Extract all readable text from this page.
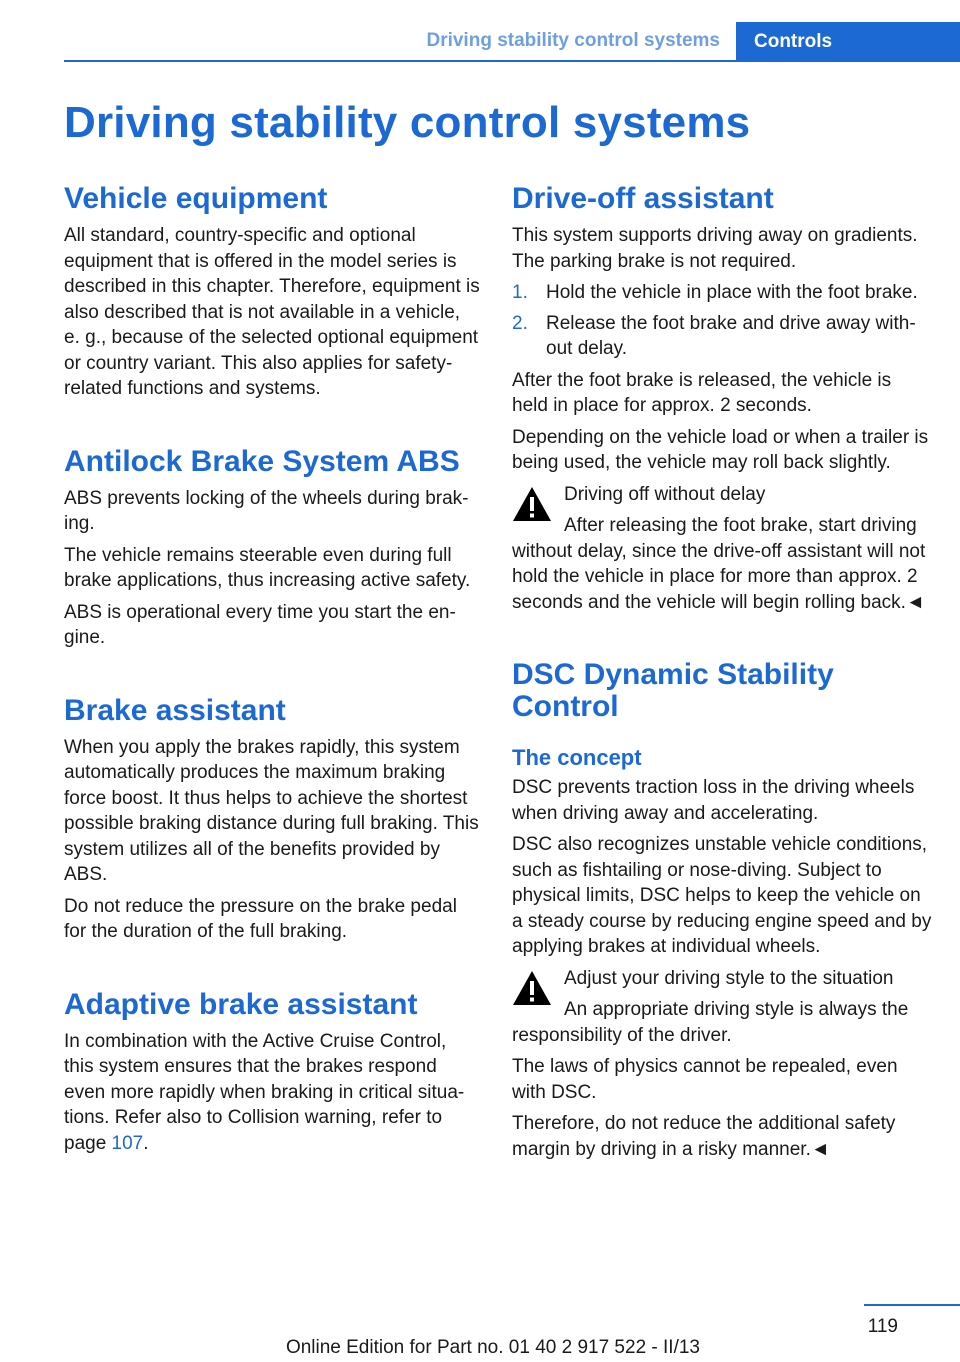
Driving stability control systems	Controls
Driving stability control systems
Vehicle equipment

All standard, country-specific and optional equipment that is offered in the model series is described in this chapter. Therefore, equipment is also described that is not available in a vehicle, e. g., because of the selected optional equipment or country variant. This also applies for safety-related functions and systems.

Antilock Brake System ABS

ABS prevents locking of the wheels during braking.

The vehicle remains steerable even during full brake applications, thus increasing active safety.

ABS is operational every time you start the engine.

Brake assistant

When you apply the brakes rapidly, this system automatically produces the maximum braking force boost. It thus helps to achieve the shortest possible braking distance during full braking. This system utilizes all of the benefits provided by ABS.

Do not reduce the pressure on the brake pedal for the duration of the full braking.

Adaptive brake assistant

In combination with the Active Cruise Control, this system ensures that the brakes respond even more rapidly when braking in critical situations. Refer also to Collision warning, refer to page 107.

Drive-off assistant

This system supports driving away on gradients. The parking brake is not required.

1. Hold the vehicle in place with the foot brake.
2. Release the foot brake and drive away without delay.

After the foot brake is released, the vehicle is held in place for approx. 2 seconds.

Depending on the vehicle load or when a trailer is being used, the vehicle may roll back slightly.

Driving off without delay

After releasing the foot brake, start driving without delay, since the drive-off assistant will not hold the vehicle in place for more than approx. 2 seconds and the vehicle will begin rolling back.◄

DSC Dynamic Stability Control
The concept

DSC prevents traction loss in the driving wheels when driving away and accelerating.

DSC also recognizes unstable vehicle conditions, such as fishtailing or nose-diving. Subject to physical limits, DSC helps to keep the vehicle on a steady course by reducing engine speed and by applying brakes at individual wheels.

Adjust your driving style to the situation

An appropriate driving style is always the responsibility of the driver.

The laws of physics cannot be repealed, even with DSC.

Therefore, do not reduce the additional safety margin by driving in a risky manner.◄

119
Online Edition for Part no. 01 40 2 917 522 - II/13
